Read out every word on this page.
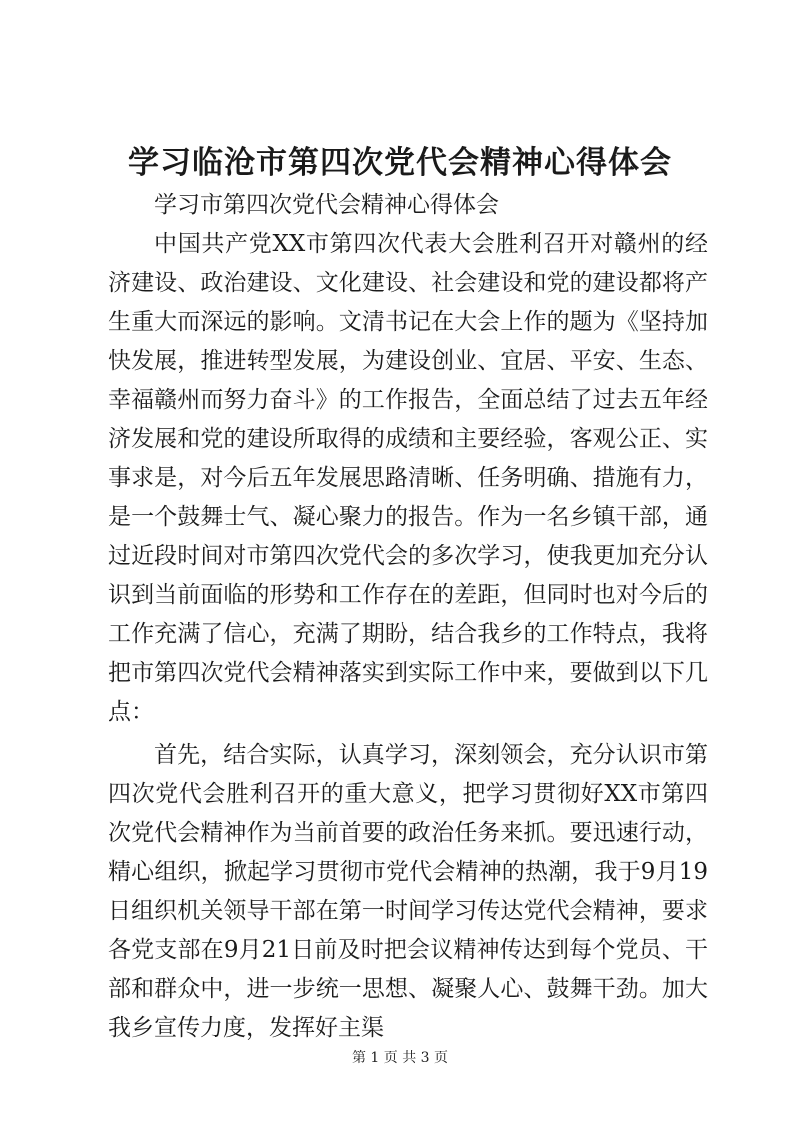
学习临沧市第四次党代会精神心得体会

学习市第四次党代会精神心得体会

中国共产党XX市第四次代表大会胜利召开对赣州的经济建设、政治建设、文化建设、社会建设和党的建设都将产生重大而深远的影响。文清书记在大会上作的题为《坚持加快发展，推进转型发展，为建设创业、宜居、平安、生态、幸福赣州而努力奋斗》的工作报告，全面总结了过去五年经济发展和党的建设所取得的成绩和主要经验，客观公正、实事求是，对今后五年发展思路清晰、任务明确、措施有力，是一个鼓舞士气、凝心聚力的报告。作为一名乡镇干部，通过近段时间对市第四次党代会的多次学习，使我更加充分认识到当前面临的形势和工作存在的差距，但同时也对今后的工作充满了信心，充满了期盼，结合我乡的工作特点，我将把市第四次党代会精神落实到实际工作中来，要做到以下几点：

首先，结合实际，认真学习，深刻领会，充分认识市第四次党代会胜利召开的重大意义，把学习贯彻好XX市第四次党代会精神作为当前首要的政治任务来抓。要迅速行动，精心组织，掀起学习贯彻市党代会精神的热潮，我于9月19日组织机关领导干部在第一时间学习传达党代会精神，要求各党支部在9月21日前及时把会议精神传达到每个党员、干部和群众中，进一步统一思想、凝聚人心、鼓舞干劲。加大我乡宣传力度，发挥好主渠

第 1 页 共 3 页
